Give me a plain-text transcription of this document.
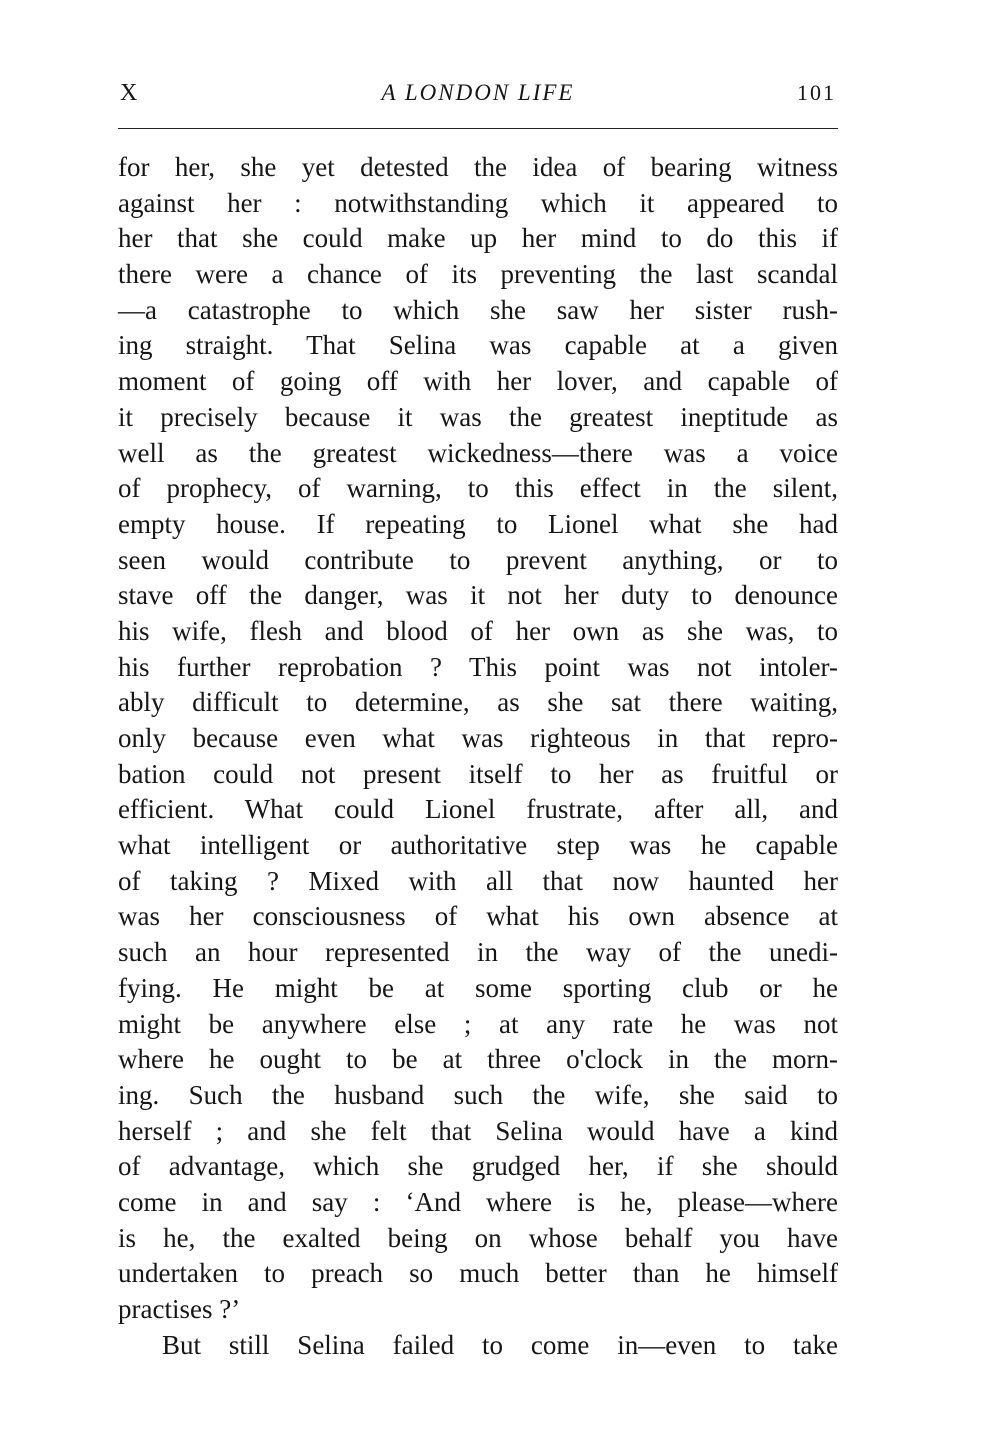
X	A LONDON LIFE	101
for her, she yet detested the idea of bearing witness
against her : notwithstanding which it appeared to
her that she could make up her mind to do this if
there were a chance of its preventing the last scandal
—a catastrophe to which she saw her sister rush-
ing straight. That Selina was capable at a given
moment of going off with her lover, and capable of
it precisely because it was the greatest ineptitude as
well as the greatest wickedness—there was a voice
of prophecy, of warning, to this effect in the silent,
empty house. If repeating to Lionel what she had
seen would contribute to prevent anything, or to
stave off the danger, was it not her duty to denounce
his wife, flesh and blood of her own as she was, to
his further reprobation ? This point was not intoler-
ably difficult to determine, as she sat there waiting,
only because even what was righteous in that repro-
bation could not present itself to her as fruitful or
efficient. What could Lionel frustrate, after all, and
what intelligent or authoritative step was he capable
of taking ? Mixed with all that now haunted her
was her consciousness of what his own absence at
such an hour represented in the way of the unedi-
fying. He might be at some sporting club or he
might be anywhere else ; at any rate he was not
where he ought to be at three o'clock in the morn-
ing. Such the husband such the wife, she said to
herself ; and she felt that Selina would have a kind
of advantage, which she grudged her, if she should
come in and say : ‘And where is he, please—where
is he, the exalted being on whose behalf you have
undertaken to preach so much better than he himself
practises ?’
But still Selina failed to come in—even to take
